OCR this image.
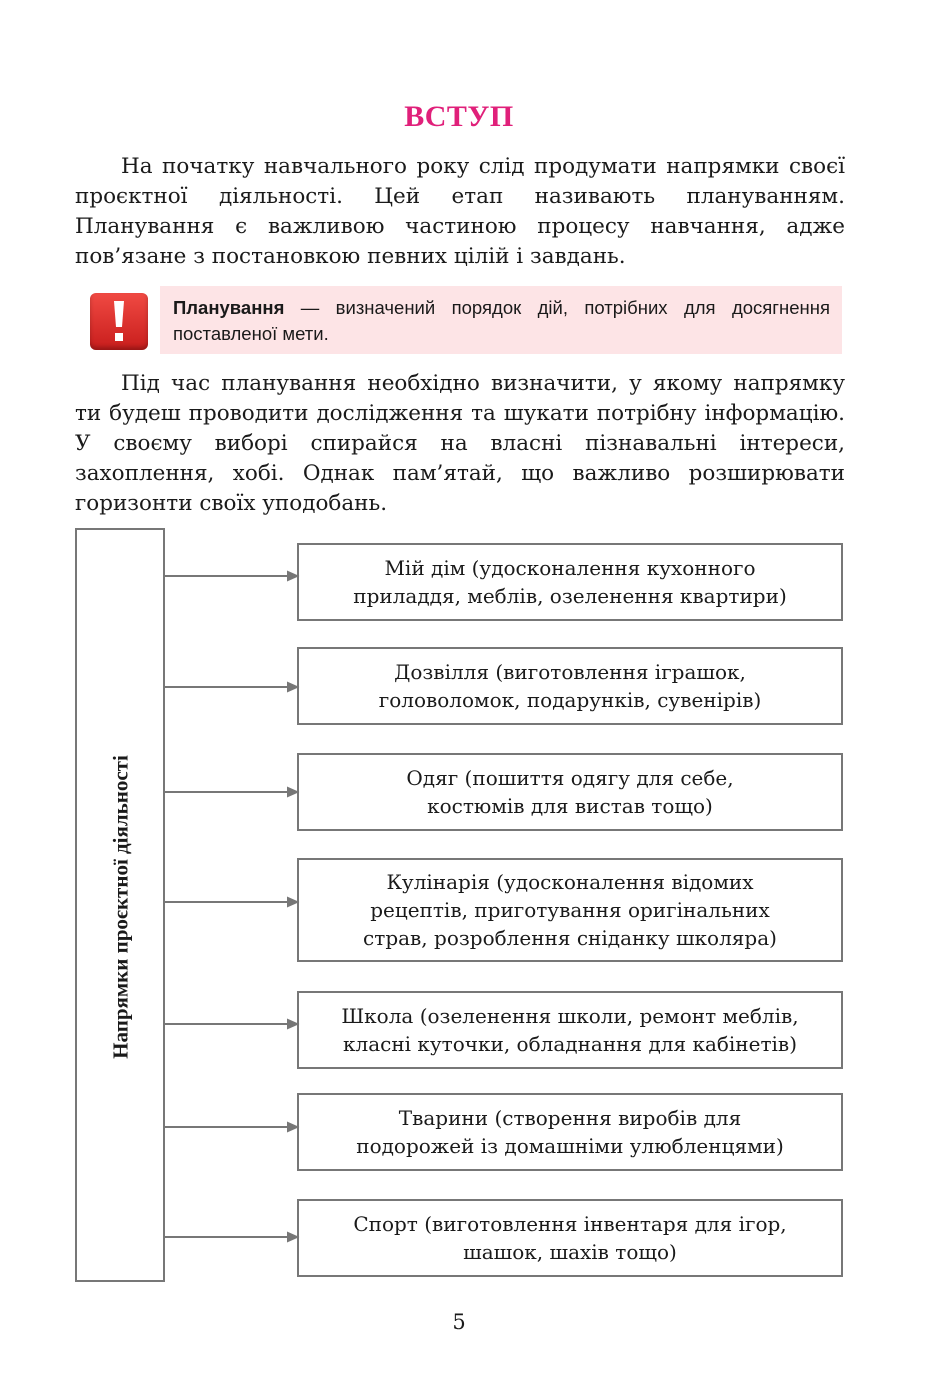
ВСТУП

На початку навчального року слід продумати напрямки своєї проєктної діяльності. Цей етап називають плануванням. Планування є важливою частиною процесу навчання, адже пов’язане з постановкою певних цілій і завдань.

Планування — визначений порядок дій, потрібних для досягнення поставленої мети.

Під час планування необхідно визначити, у якому напрямку ти будеш проводити дослідження та шукати потрібну інформацію. У своєму виборі спирайся на власні пізнавальні інтереси, захоплення, хобі. Однак пам’ятай, що важливо розширювати горизонти своїх уподобань.

Напрямки проєктної діяльності
Мій дім (удосконалення кухонного
приладдя, меблів, озеленення квартири)
Дозвілля (виготовлення іграшок,
головоломок, подарунків, сувенірів)
Одяг (пошиття одягу для себе,
костюмів для вистав тощо)
Кулінарія (удосконалення відомих
рецептів, приготування оригінальних
страв, розроблення сніданку школяра)
Школа (озеленення школи, ремонт меблів,
класні куточки, обладнання для кабінетів)
Тварини (створення виробів для
подорожей із домашніми улюбленцями)
Спорт (виготовлення інвентаря для ігор,
шашок, шахів тощо)
5
